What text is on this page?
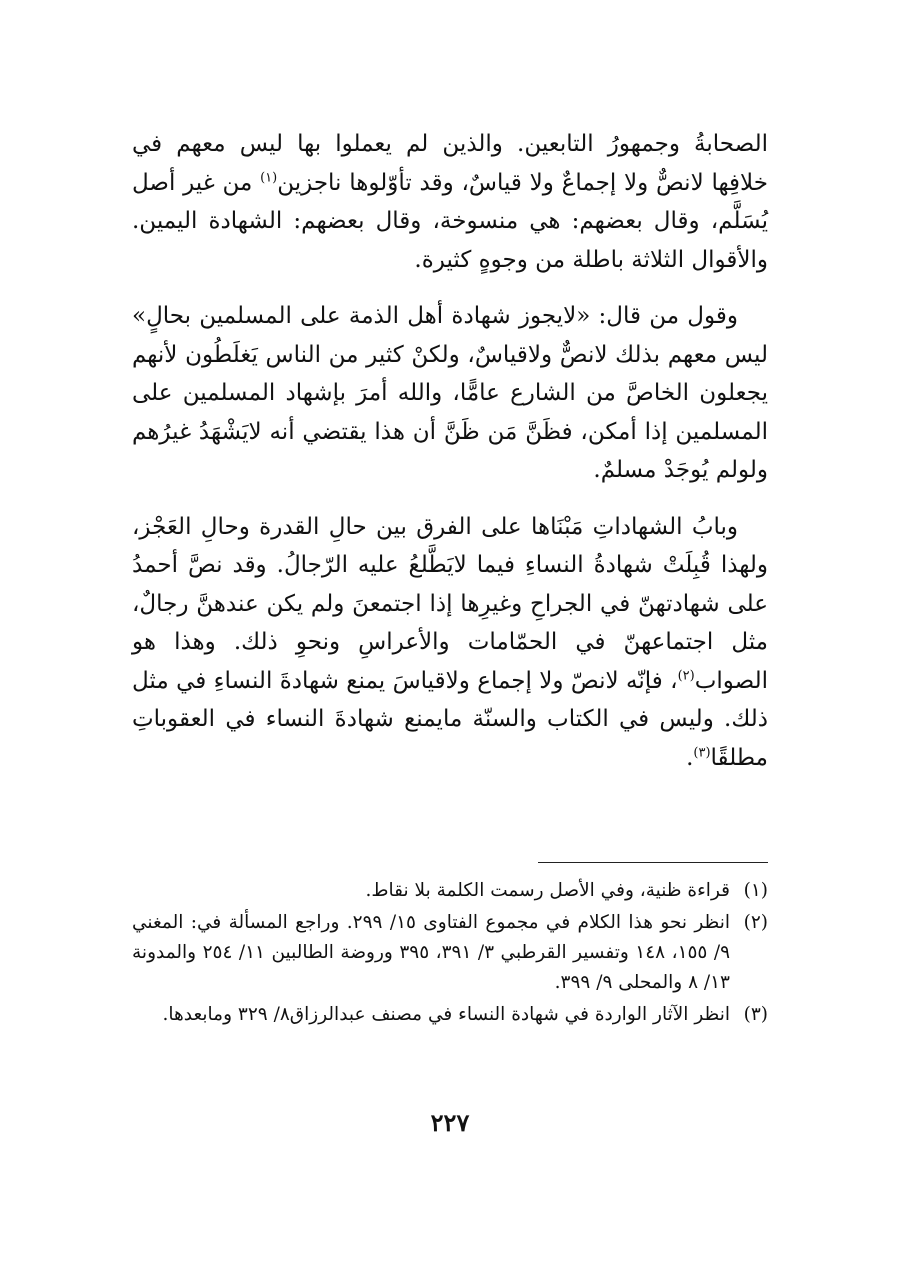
الصحابةُ وجمهورُ التابعين. والذين لم يعملوا بها ليس معهم في خلافِها لانصٌّ ولا إجماعٌ ولا قياسٌ، وقد تأوّلوها ناجزين$^{(١)}$ من غير أصل يُسَلَّم، وقال بعضهم: هي منسوخة، وقال بعضهم: الشهادة اليمين. والأقوال الثلاثة باطلة من وجوهٍ كثيرة.

وقول من قال: «لايجوز شهادة أهل الذمة على المسلمين بحالٍ» ليس معهم بذلك لانصٌّ ولاقياسٌ، ولكنْ كثير من الناس يَغلَطُون لأنهم يجعلون الخاصَّ من الشارع عامًّا، والله أمرَ بإشهاد المسلمين على المسلمين إذا أمكن، فظَنَّ مَن ظَنَّ أن هذا يقتضي أنه لايَشْهَدُ غيرُهم ولولم يُوجَدْ مسلمٌ.

وبابُ الشهاداتِ مَبْنَاها على الفرق بين حالِ القدرة وحالِ العَجْز، ولهذا قُبِلَتْ شهادةُ النساءِ فيما لايَطَّلعُ عليه الرّجالُ. وقد نصَّ أحمدُ على شهادتهنّ في الجراحِ وغيرِها إذا اجتمعنَ ولم يكن عندهنَّ رجالٌ، مثل اجتماعهنّ في الحمّامات والأعراسِ ونحوِ ذلك. وهذا هو الصواب$^{(٢)}$، فإنّه لانصّ ولا إجماع ولاقياسَ يمنع شهادةَ النساءِ في مثل ذلك. وليس في الكتاب والسنّة مايمنع شهادةَ النساء في العقوباتِ مطلقًا$^{(٣)}$.

(١)
قراءة ظنية، وفي الأصل رسمت الكلمة بلا نقاط.
(٢)
انظر نحو هذا الكلام في مجموع الفتاوى ١٥/ ٢٩٩. وراجع المسألة في: المغني ٩/ ١٥٥، ١٤٨ وتفسير القرطبي ٣/ ٣٩١، ٣٩٥ وروضة الطالبين ١١/ ٢٥٤ والمدونة ١٣/ ٨ والمحلى ٩/ ٣٩٩.
(٣)
انظر الآثار الواردة في شهادة النساء في مصنف عبدالرزاق٨/ ٣٢٩ ومابعدها.
٢٢٧
